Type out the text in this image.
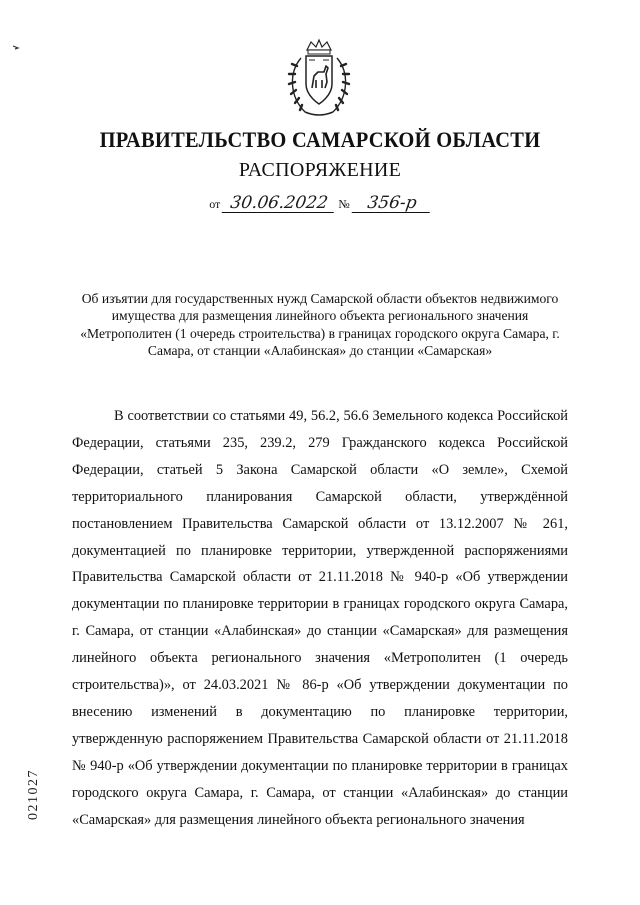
ПРАВИТЕЛЬСТВО САМАРСКОЙ ОБЛАСТИ
РАСПОРЯЖЕНИЕ
от 30.06.2022 № 356-р
Об изъятии для государственных нужд Самарской области объектов недвижимого имущества для размещения линейного объекта регионального значения «Метрополитен (1 очередь строительства) в границах городского округа Самара, г. Самара, от станции «Алабинская» до станции «Самарская»
В соответствии со статьями 49, 56.2, 56.6 Земельного кодекса Российской Федерации, статьями 235, 239.2, 279 Гражданского кодекса Российской Федерации, статьей 5 Закона Самарской области «О земле», Схемой территориального планирования Самарской области, утверждённой постановлением Правительства Самарской области от 13.12.2007 № 261, документацией по планировке территории, утвержденной распоряжениями Правительства Самарской области от 21.11.2018 № 940-р «Об утверждении документации по планировке территории в границах городского округа Самара, г. Самара, от станции «Алабинская» до станции «Самарская» для размещения линейного объекта регионального значения «Метрополитен (1 очередь строительства)», от 24.03.2021 № 86-р «Об утверждении документации по внесению изменений в документацию по планировке территории, утвержденную распоряжением Правительства Самарской области от 21.11.2018 № 940-р «Об утверждении документации по планировке территории в границах городского округа Самара, г. Самара, от станции «Алабинская» до станции «Самарская» для размещения линейного объекта регионального значения
021027
